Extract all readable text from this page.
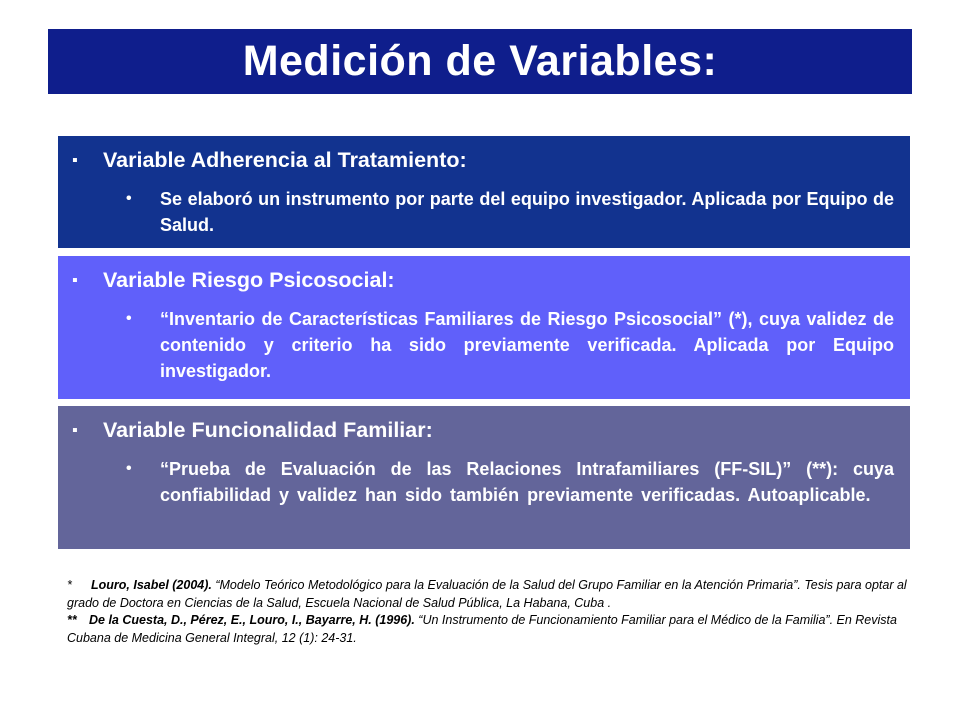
Medición de Variables:
▪	Variable Adherencia al Tratamiento:
•	Se elaboró un instrumento por parte del equipo investigador. Aplicada por Equipo de Salud.
▪	Variable Riesgo Psicosocial:
•	“Inventario de Características Familiares de Riesgo Psicosocial” (*), cuya validez de contenido y criterio ha sido previamente verificada. Aplicada por Equipo investigador.
▪	Variable Funcionalidad Familiar:
•	“Prueba de Evaluación de las Relaciones Intrafamiliares (FF-SIL)” (**): cuya confiabilidad y validez han sido también previamente verificadas. Autoaplicable.

* Louro, Isabel (2004). “Modelo Teórico Metodológico para la Evaluación de la Salud del Grupo Familiar en la Atención Primaria”. Tesis para optar al grado de Doctora en Ciencias de la Salud, Escuela Nacional de Salud Pública, La Habana, Cuba .

** De la Cuesta, D., Pérez, E., Louro, I., Bayarre, H. (1996). “Un Instrumento de Funcionamiento Familiar para el Médico de la Familia”. En Revista Cubana de Medicina General Integral, 12 (1): 24-31.
